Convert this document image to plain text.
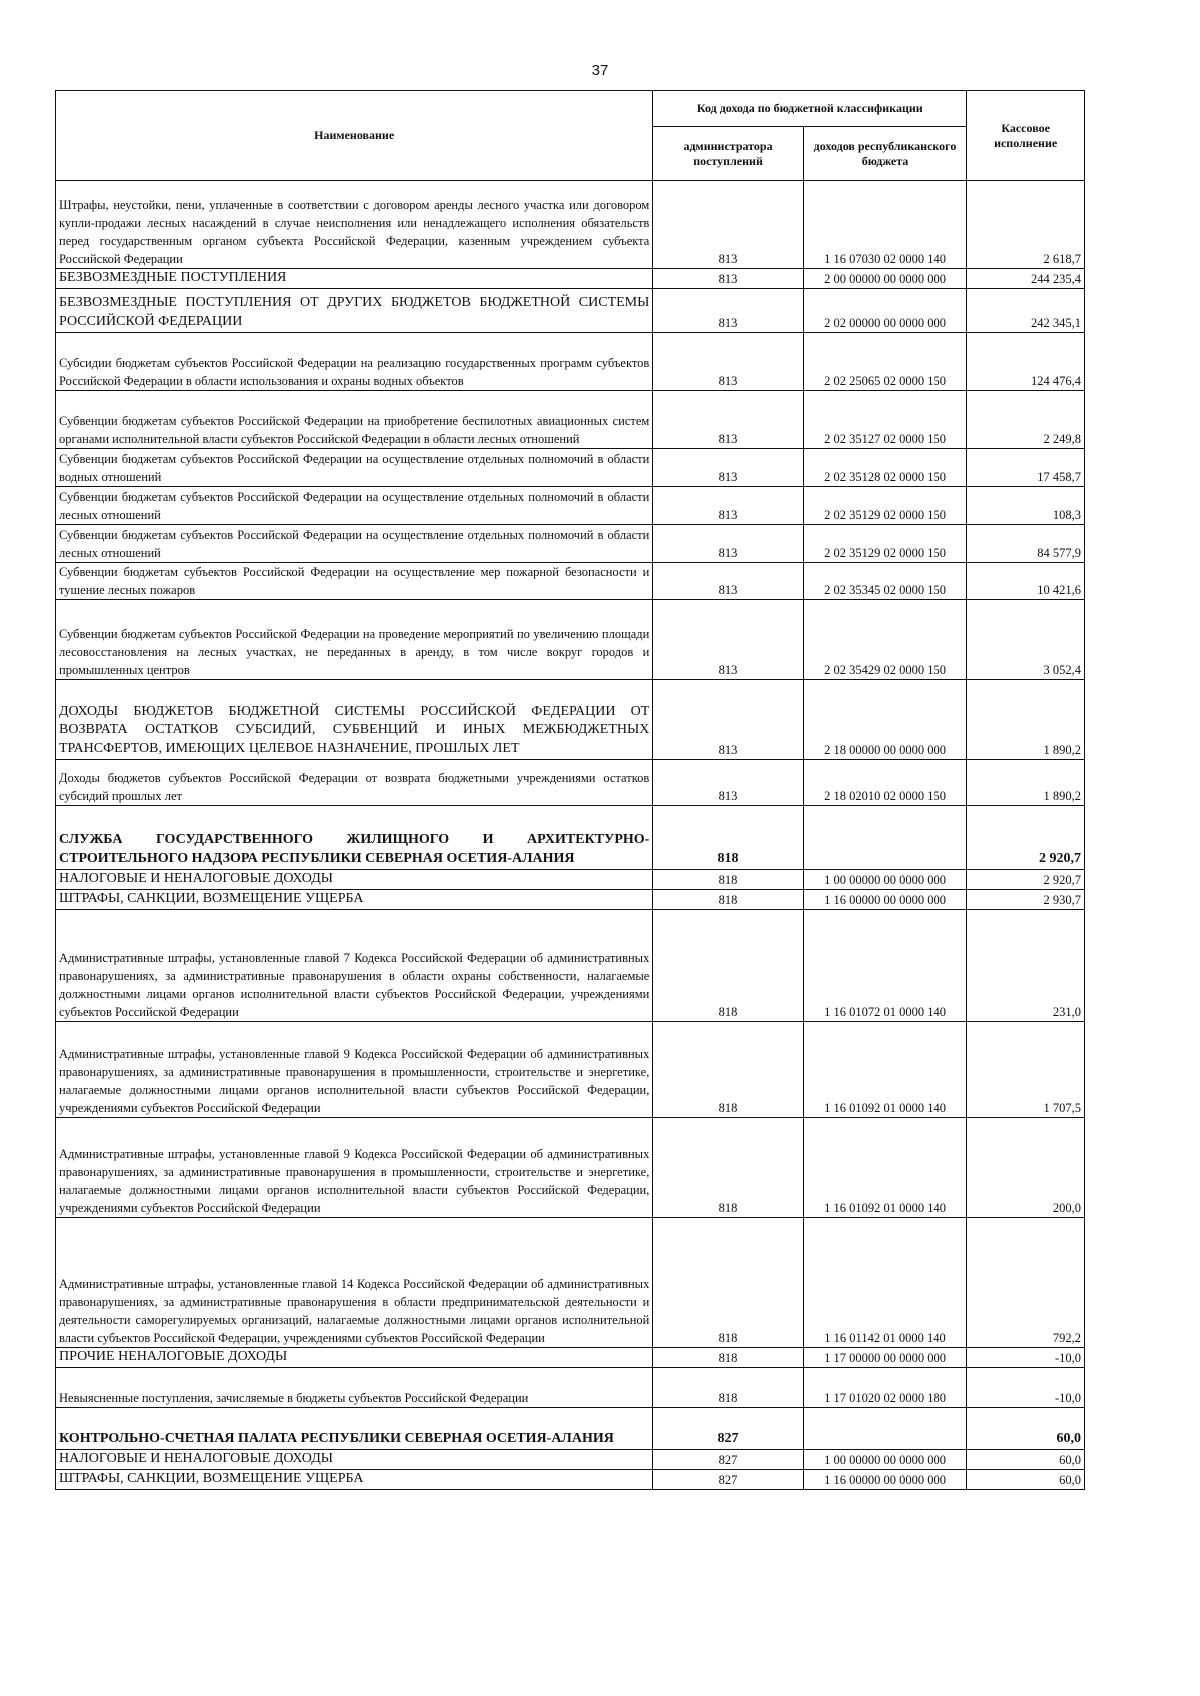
37
Наименование	Код дохода по бюджетной классификации		Кассовое исполнение
	администратора поступлений	доходов республиканского бюджета	
Штрафы, неустойки, пени, уплаченные в соответствии с договором аренды лесного участка или договором купли-продажи лесных насаждений в случае неисполнения или ненадлежащего исполнения обязательств перед государственным органом субъекта Российской Федерации, казенным учреждением субъекта Российской Федерации	813	1 16 07030 02 0000 140	2 618,7
БЕЗВОЗМЕЗДНЫЕ ПОСТУПЛЕНИЯ	813	2 00 00000 00 0000 000	244 235,4
БЕЗВОЗМЕЗДНЫЕ ПОСТУПЛЕНИЯ ОТ ДРУГИХ БЮДЖЕТОВ БЮДЖЕТНОЙ СИСТЕМЫ РОССИЙСКОЙ ФЕДЕРАЦИИ	813	2 02 00000 00 0000 000	242 345,1
Субсидии бюджетам субъектов Российской Федерации на реализацию государственных программ субъектов Российской Федерации в области использования и охраны водных объектов	813	2 02 25065 02 0000 150	124 476,4
Субвенции бюджетам субъектов Российской Федерации на приобретение беспилотных авиационных систем органами исполнительной власти субъектов Российской Федерации в области лесных отношений	813	2 02 35127 02 0000 150	2 249,8
Субвенции бюджетам субъектов Российской Федерации на осуществление отдельных полномочий в области водных отношений	813	2 02 35128 02 0000 150	17 458,7
Субвенции бюджетам субъектов Российской Федерации на осуществление отдельных полномочий в области лесных отношений	813	2 02 35129 02 0000 150	108,3
Субвенции бюджетам субъектов Российской Федерации на осуществление отдельных полномочий в области лесных отношений	813	2 02 35129 02 0000 150	84 577,9
Субвенции бюджетам субъектов Российской Федерации на осуществление мер пожарной безопасности и тушение лесных пожаров	813	2 02 35345 02 0000 150	10 421,6
Субвенции бюджетам субъектов Российской Федерации на проведение мероприятий по увеличению площади лесовосстановления на лесных участках, не переданных в аренду, в том числе вокруг городов и промышленных центров	813	2 02 35429 02 0000 150	3 052,4
ДОХОДЫ БЮДЖЕТОВ БЮДЖЕТНОЙ СИСТЕМЫ РОССИЙСКОЙ ФЕДЕРАЦИИ ОТ ВОЗВРАТА ОСТАТКОВ СУБСИДИЙ, СУБВЕНЦИЙ И ИНЫХ МЕЖБЮДЖЕТНЫХ ТРАНСФЕРТОВ, ИМЕЮЩИХ ЦЕЛЕВОЕ НАЗНАЧЕНИЕ, ПРОШЛЫХ ЛЕТ	813	2 18 00000 00 0000 000	1 890,2
Доходы бюджетов субъектов Российской Федерации от возврата бюджетными учреждениями остатков субсидий прошлых лет	813	2 18 02010 02 0000 150	1 890,2
СЛУЖБА ГОСУДАРСТВЕННОГО ЖИЛИЩНОГО И АРХИТЕКТУРНО-СТРОИТЕЛЬНОГО НАДЗОРА РЕСПУБЛИКИ СЕВЕРНАЯ ОСЕТИЯ-АЛАНИЯ	818		2 920,7
НАЛОГОВЫЕ И НЕНАЛОГОВЫЕ ДОХОДЫ	818	1 00 00000 00 0000 000	2 920,7
ШТРАФЫ, САНКЦИИ, ВОЗМЕЩЕНИЕ УЩЕРБА	818	1 16 00000 00 0000 000	2 930,7
Административные штрафы, установленные главой 7 Кодекса Российской Федерации об административных правонарушениях, за административные правонарушения в области охраны собственности, налагаемые должностными лицами органов исполнительной власти субъектов Российской Федерации, учреждениями субъектов Российской Федерации	818	1 16 01072 01 0000 140	231,0
Административные штрафы, установленные главой 9 Кодекса Российской Федерации об административных правонарушениях, за административные правонарушения в промышленности, строительстве и энергетике, налагаемые должностными лицами органов исполнительной власти субъектов Российской Федерации, учреждениями субъектов Российской Федерации	818	1 16 01092 01 0000 140	1 707,5
Административные штрафы, установленные главой 9 Кодекса Российской Федерации об административных правонарушениях, за административные правонарушения в промышленности, строительстве и энергетике, налагаемые должностными лицами органов исполнительной власти субъектов Российской Федерации, учреждениями субъектов Российской Федерации	818	1 16 01092 01 0000 140	200,0
Административные штрафы, установленные главой 14 Кодекса Российской Федерации об административных правонарушениях, за административные правонарушения в области предпринимательской деятельности и деятельности саморегулируемых организаций, налагаемые должностными лицами органов исполнительной власти субъектов Российской Федерации, учреждениями субъектов Российской Федерации	818	1 16 01142 01 0000 140	792,2
ПРОЧИЕ НЕНАЛОГОВЫЕ ДОХОДЫ	818	1 17 00000 00 0000 000	-10,0
Невыясненные поступления, зачисляемые в бюджеты субъектов Российской Федерации	818	1 17 01020 02 0000 180	-10,0
КОНТРОЛЬНО-СЧЕТНАЯ ПАЛАТА РЕСПУБЛИКИ СЕВЕРНАЯ ОСЕТИЯ-АЛАНИЯ	827		60,0
НАЛОГОВЫЕ И НЕНАЛОГОВЫЕ ДОХОДЫ	827	1 00 00000 00 0000 000	60,0
ШТРАФЫ, САНКЦИИ, ВОЗМЕЩЕНИЕ УЩЕРБА	827	1 16 00000 00 0000 000	60,0
